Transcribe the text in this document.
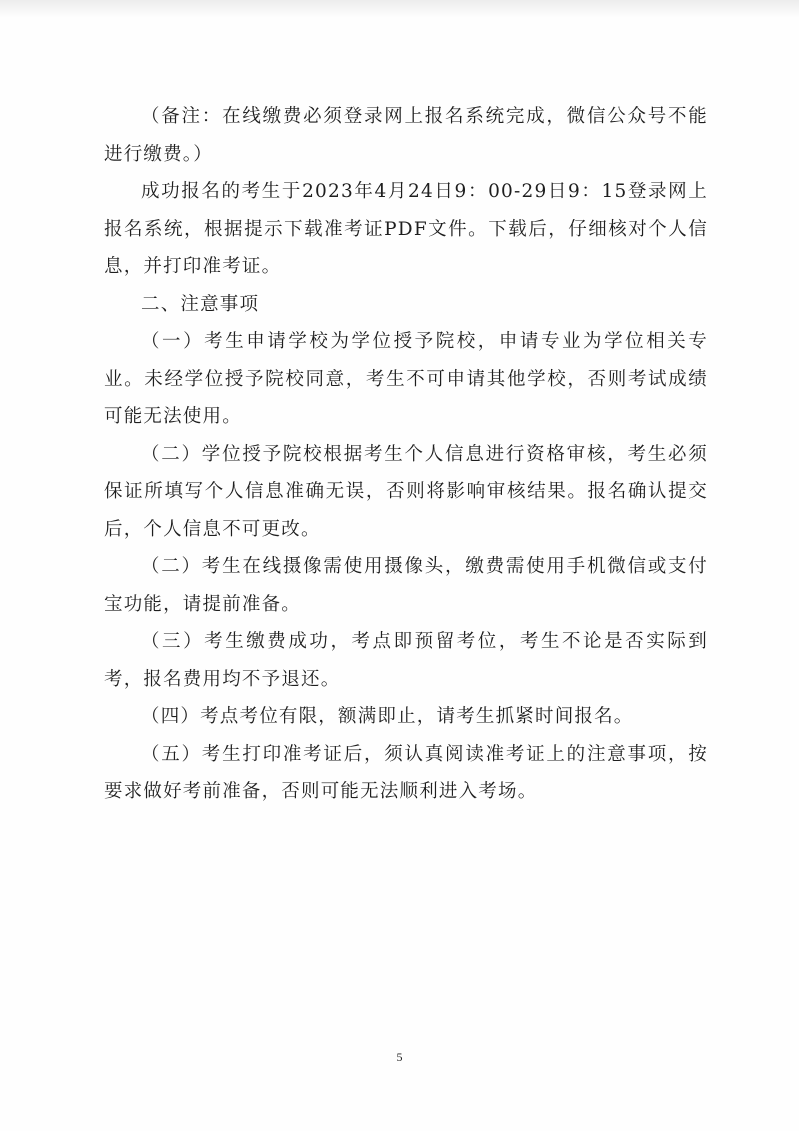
（备注：在线缴费必须登录网上报名系统完成，微信公众号不能进行缴费。）

成功报名的考生于2023年4月24日9：00-29日9：15登录网上报名系统，根据提示下载准考证PDF文件。下载后，仔细核对个人信息，并打印准考证。

二、注意事项

（一）考生申请学校为学位授予院校，申请专业为学位相关专业。未经学位授予院校同意，考生不可申请其他学校，否则考试成绩可能无法使用。

（二）学位授予院校根据考生个人信息进行资格审核，考生必须保证所填写个人信息准确无误，否则将影响审核结果。报名确认提交后，个人信息不可更改。

（二）考生在线摄像需使用摄像头，缴费需使用手机微信或支付宝功能，请提前准备。

（三）考生缴费成功，考点即预留考位，考生不论是否实际到考，报名费用均不予退还。

（四）考点考位有限，额满即止，请考生抓紧时间报名。

（五）考生打印准考证后，须认真阅读准考证上的注意事项，按要求做好考前准备，否则可能无法顺利进入考场。

5
